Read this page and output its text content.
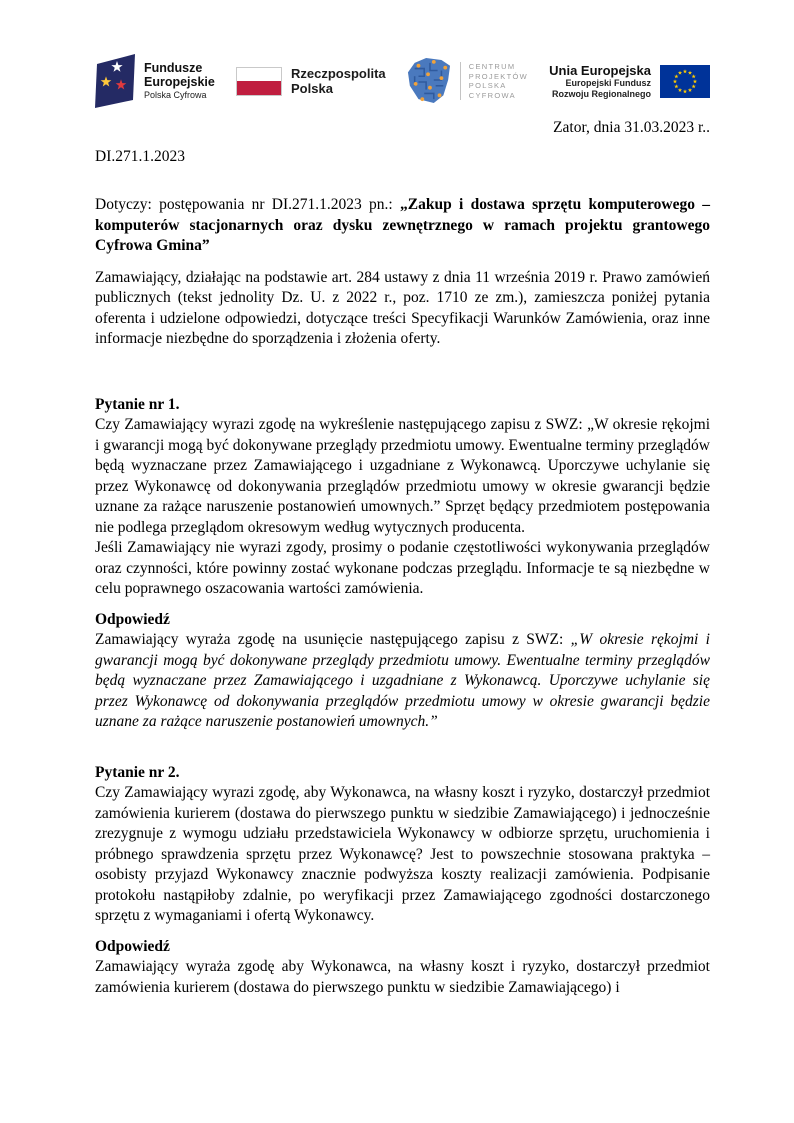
Fundusze
Europejskie
Polska Cyfrowa
Rzeczpospolita
Polska
CENTRUM
PROJEKTÓW
POLSKA
CYFROWA
Unia Europejska
Europejski Fundusz
Rozwoju Regionalnego
Zator, dnia 31.03.2023 r..
DI.271.1.2023

Dotyczy: postępowania nr DI.271.1.2023 pn.: „Zakup i dostawa sprzętu komputerowego – komputerów stacjonarnych oraz dysku zewnętrznego w ramach projektu grantowego Cyfrowa Gmina”

Zamawiający, działając na podstawie art. 284 ustawy z dnia 11 września 2019 r. Prawo zamówień publicznych (tekst jednolity Dz. U. z 2022 r., poz. 1710 ze zm.), zamieszcza poniżej pytania oferenta i udzielone odpowiedzi, dotyczące treści Specyfikacji Warunków Zamówienia, oraz inne informacje niezbędne do sporządzenia i złożenia oferty.

Pytanie nr 1.

Czy Zamawiający wyrazi zgodę na wykreślenie następującego zapisu z SWZ: „W okresie rękojmi i gwarancji mogą być dokonywane przeglądy przedmiotu umowy. Ewentualne terminy przeglądów będą wyznaczane przez Zamawiającego i uzgadniane z Wykonawcą. Uporczywe uchylanie się przez Wykonawcę od dokonywania przeglądów przedmiotu umowy w okresie gwarancji będzie uznane za rażące naruszenie postanowień umownych.” Sprzęt będący przedmiotem postępowania nie podlega przeglądom okresowym według wytycznych producenta.

Jeśli Zamawiający nie wyrazi zgody, prosimy o podanie częstotliwości wykonywania przeglądów oraz czynności, które powinny zostać wykonane podczas przeglądu. Informacje te są niezbędne w celu poprawnego oszacowania wartości zamówienia.

Odpowiedź

Zamawiający wyraża zgodę na usunięcie następującego zapisu z SWZ: „W okresie rękojmi i gwarancji mogą być dokonywane przeglądy przedmiotu umowy. Ewentualne terminy przeglądów będą wyznaczane przez Zamawiającego i uzgadniane z Wykonawcą. Uporczywe uchylanie się przez Wykonawcę od dokonywania przeglądów przedmiotu umowy w okresie gwarancji będzie uznane za rażące naruszenie postanowień umownych.”

Pytanie nr 2.

Czy Zamawiający wyrazi zgodę, aby Wykonawca, na własny koszt i ryzyko, dostarczył przedmiot zamówienia kurierem (dostawa do pierwszego punktu w siedzibie Zamawiającego) i jednocześnie zrezygnuje z wymogu udziału przedstawiciela Wykonawcy w odbiorze sprzętu, uruchomienia i próbnego sprawdzenia sprzętu przez Wykonawcę? Jest to powszechnie stosowana praktyka – osobisty przyjazd Wykonawcy znacznie podwyższa koszty realizacji zamówienia. Podpisanie protokołu nastąpiłoby zdalnie, po weryfikacji przez Zamawiającego zgodności dostarczonego sprzętu z wymaganiami i ofertą Wykonawcy.

Odpowiedź

Zamawiający wyraża zgodę aby Wykonawca, na własny koszt i ryzyko, dostarczył przedmiot zamówienia kurierem (dostawa do pierwszego punktu w siedzibie Zamawiającego) i
